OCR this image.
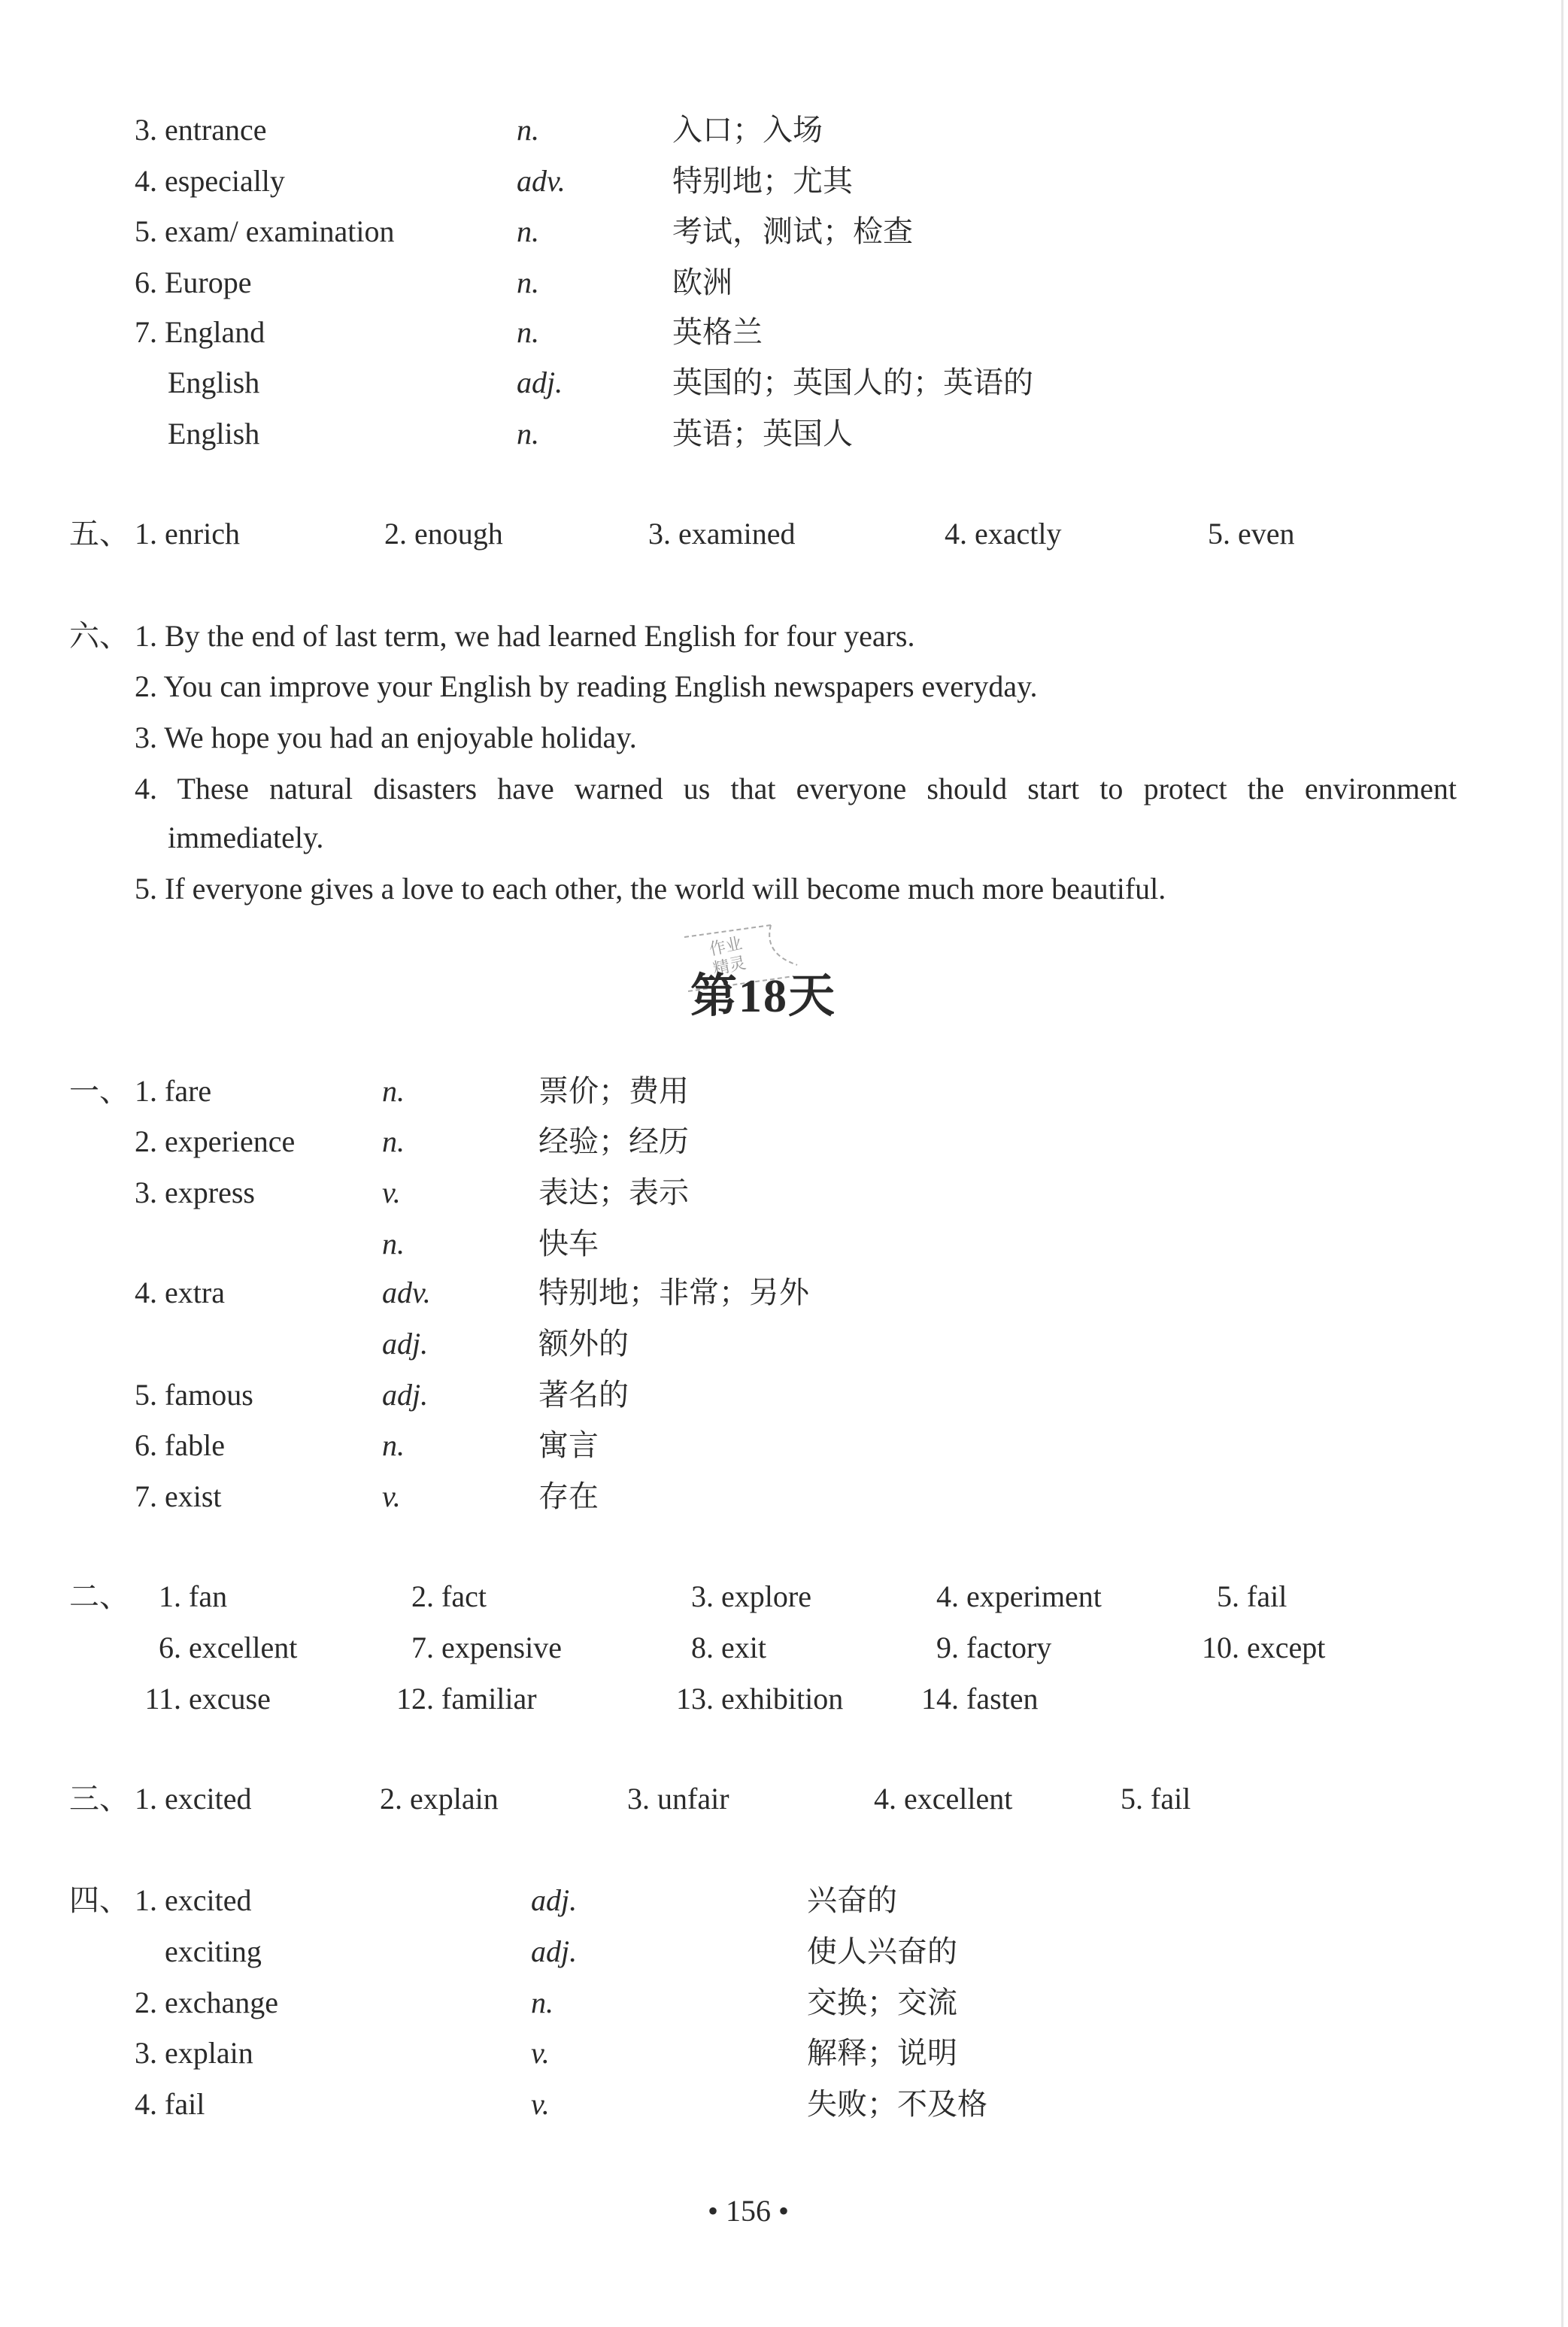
作业
精灵
第18天
• 156 •
3. entrance	n.	入口；入场
4. especially	adv.	特别地；尤其
5. exam/ examination	n.	考试，测试；检查
6. Europe	n.	欧洲
7. England	n.	英格兰
English	adj.	英国的；英国人的；英语的
English	n.	英语；英国人
五、 1. enrich	2. enough	3. examined	4. exactly	5. even
六、 1. By the end of last term, we had learned English for four years.
2. You can improve your English by reading English newspapers everyday.
3. We hope you had an enjoyable holiday.
4. These natural disasters have warned us that everyone should start to protect the environment
immediately.
5. If everyone gives a love to each other, the world will become much more beautiful.
一、 1. fare	n.	票价；费用
2. experience	n.	经验；经历
3. express	v.	表达；表示
n.	快车
4. extra	adv.	特别地；非常；另外
adj.	额外的
5. famous	adj.	著名的
6. fable	n.	寓言
7. exist	v.	存在
二、 1. fan	2. fact	3. explore	4. experiment	5. fail
6. excellent	7. expensive	8. exit	9. factory	10. except
11. excuse	12. familiar	13. exhibition	14. fasten
三、 1. excited	2. explain	3. unfair	4. excellent	5. fail
四、 1. excited	adj.	兴奋的
exciting	adj.	使人兴奋的
2. exchange	n.	交换；交流
3. explain	v.	解释；说明
4. fail	v.	失败；不及格
